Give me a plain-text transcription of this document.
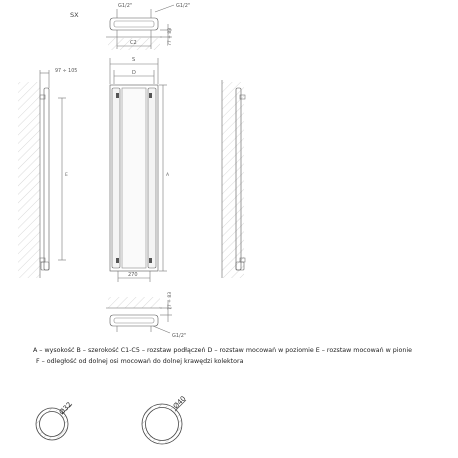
SX
G1/2"	G1/2"
C2	77 ÷ 83
S
D
97 ÷ 105
E	A
270
77 ÷ 83
G1/2"
Ø32	Ø40
A – wysokość B – szerokość C1-C5 – rozstaw podłączeń D – rozstaw mocowań w poziomie E – rozstaw mocowań w pionie
F – odległość od dolnej osi mocowań do dolnej krawędzi kolektora
